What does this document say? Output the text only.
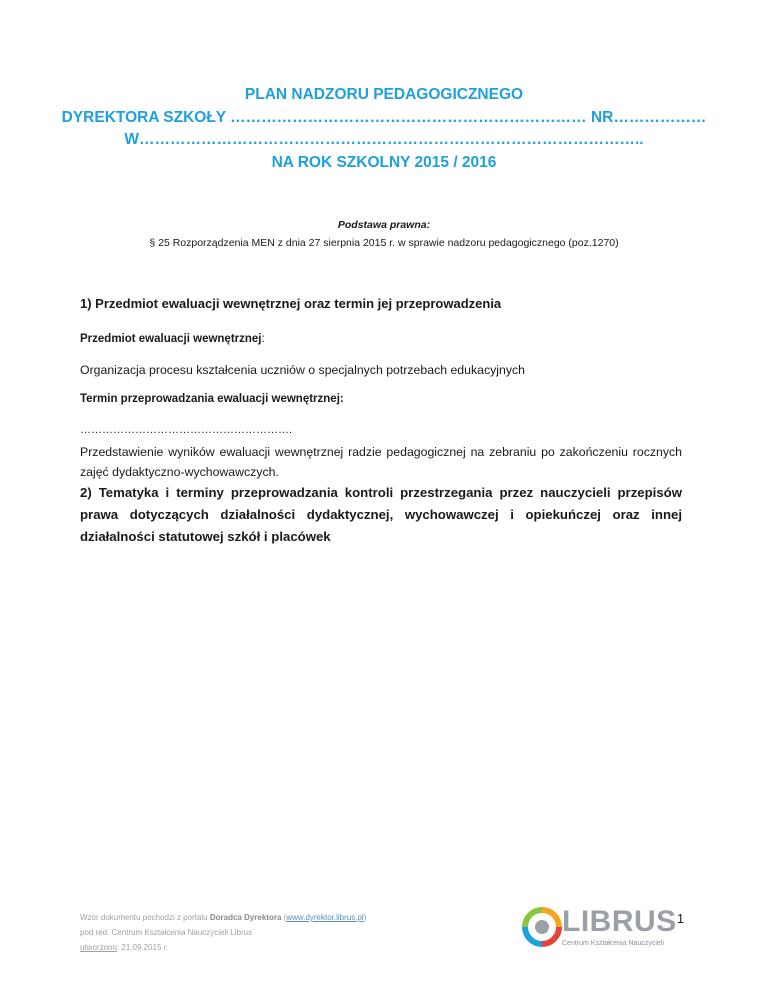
PLAN NADZORU PEDAGOGICZNEGO
DYREKTORA SZKOŁY …………………………………………………………… NR………………
W……………………………………………………………………………………..
NA ROK SZKOLNY 2015 / 2016
Podstawa prawna:
§ 25 Rozporządzenia MEN z dnia 27 sierpnia 2015 r. w sprawie nadzoru pedagogicznego (poz.1270)
1) Przedmiot ewaluacji wewnętrznej oraz termin jej przeprowadzenia
Przedmiot ewaluacji wewnętrznej:
Organizacja procesu kształcenia uczniów o specjalnych potrzebach edukacyjnych
Termin przeprowadzania ewaluacji wewnętrznej:
………………………………………………….
Przedstawienie wyników ewaluacji wewnętrznej radzie pedagogicznej na zebraniu po zakończeniu rocznych zajęć dydaktyczno-wychowawczych.
2) Tematyka i terminy przeprowadzania kontroli przestrzegania przez nauczycieli przepisów prawa dotyczących działalności dydaktycznej, wychowawczej i opiekuńczej oraz innej działalności statutowej szkół i placówek
Wzór dokumentu pochodzi z portalu Doradca Dyrektora (www.dyrektor.librus.pl)
pod red. Centrum Kształcenia Nauczycieli Librus
utworzono: 21.09.2015 r.
LIBRUS
Centrum Kształcenia Nauczycieli
1
